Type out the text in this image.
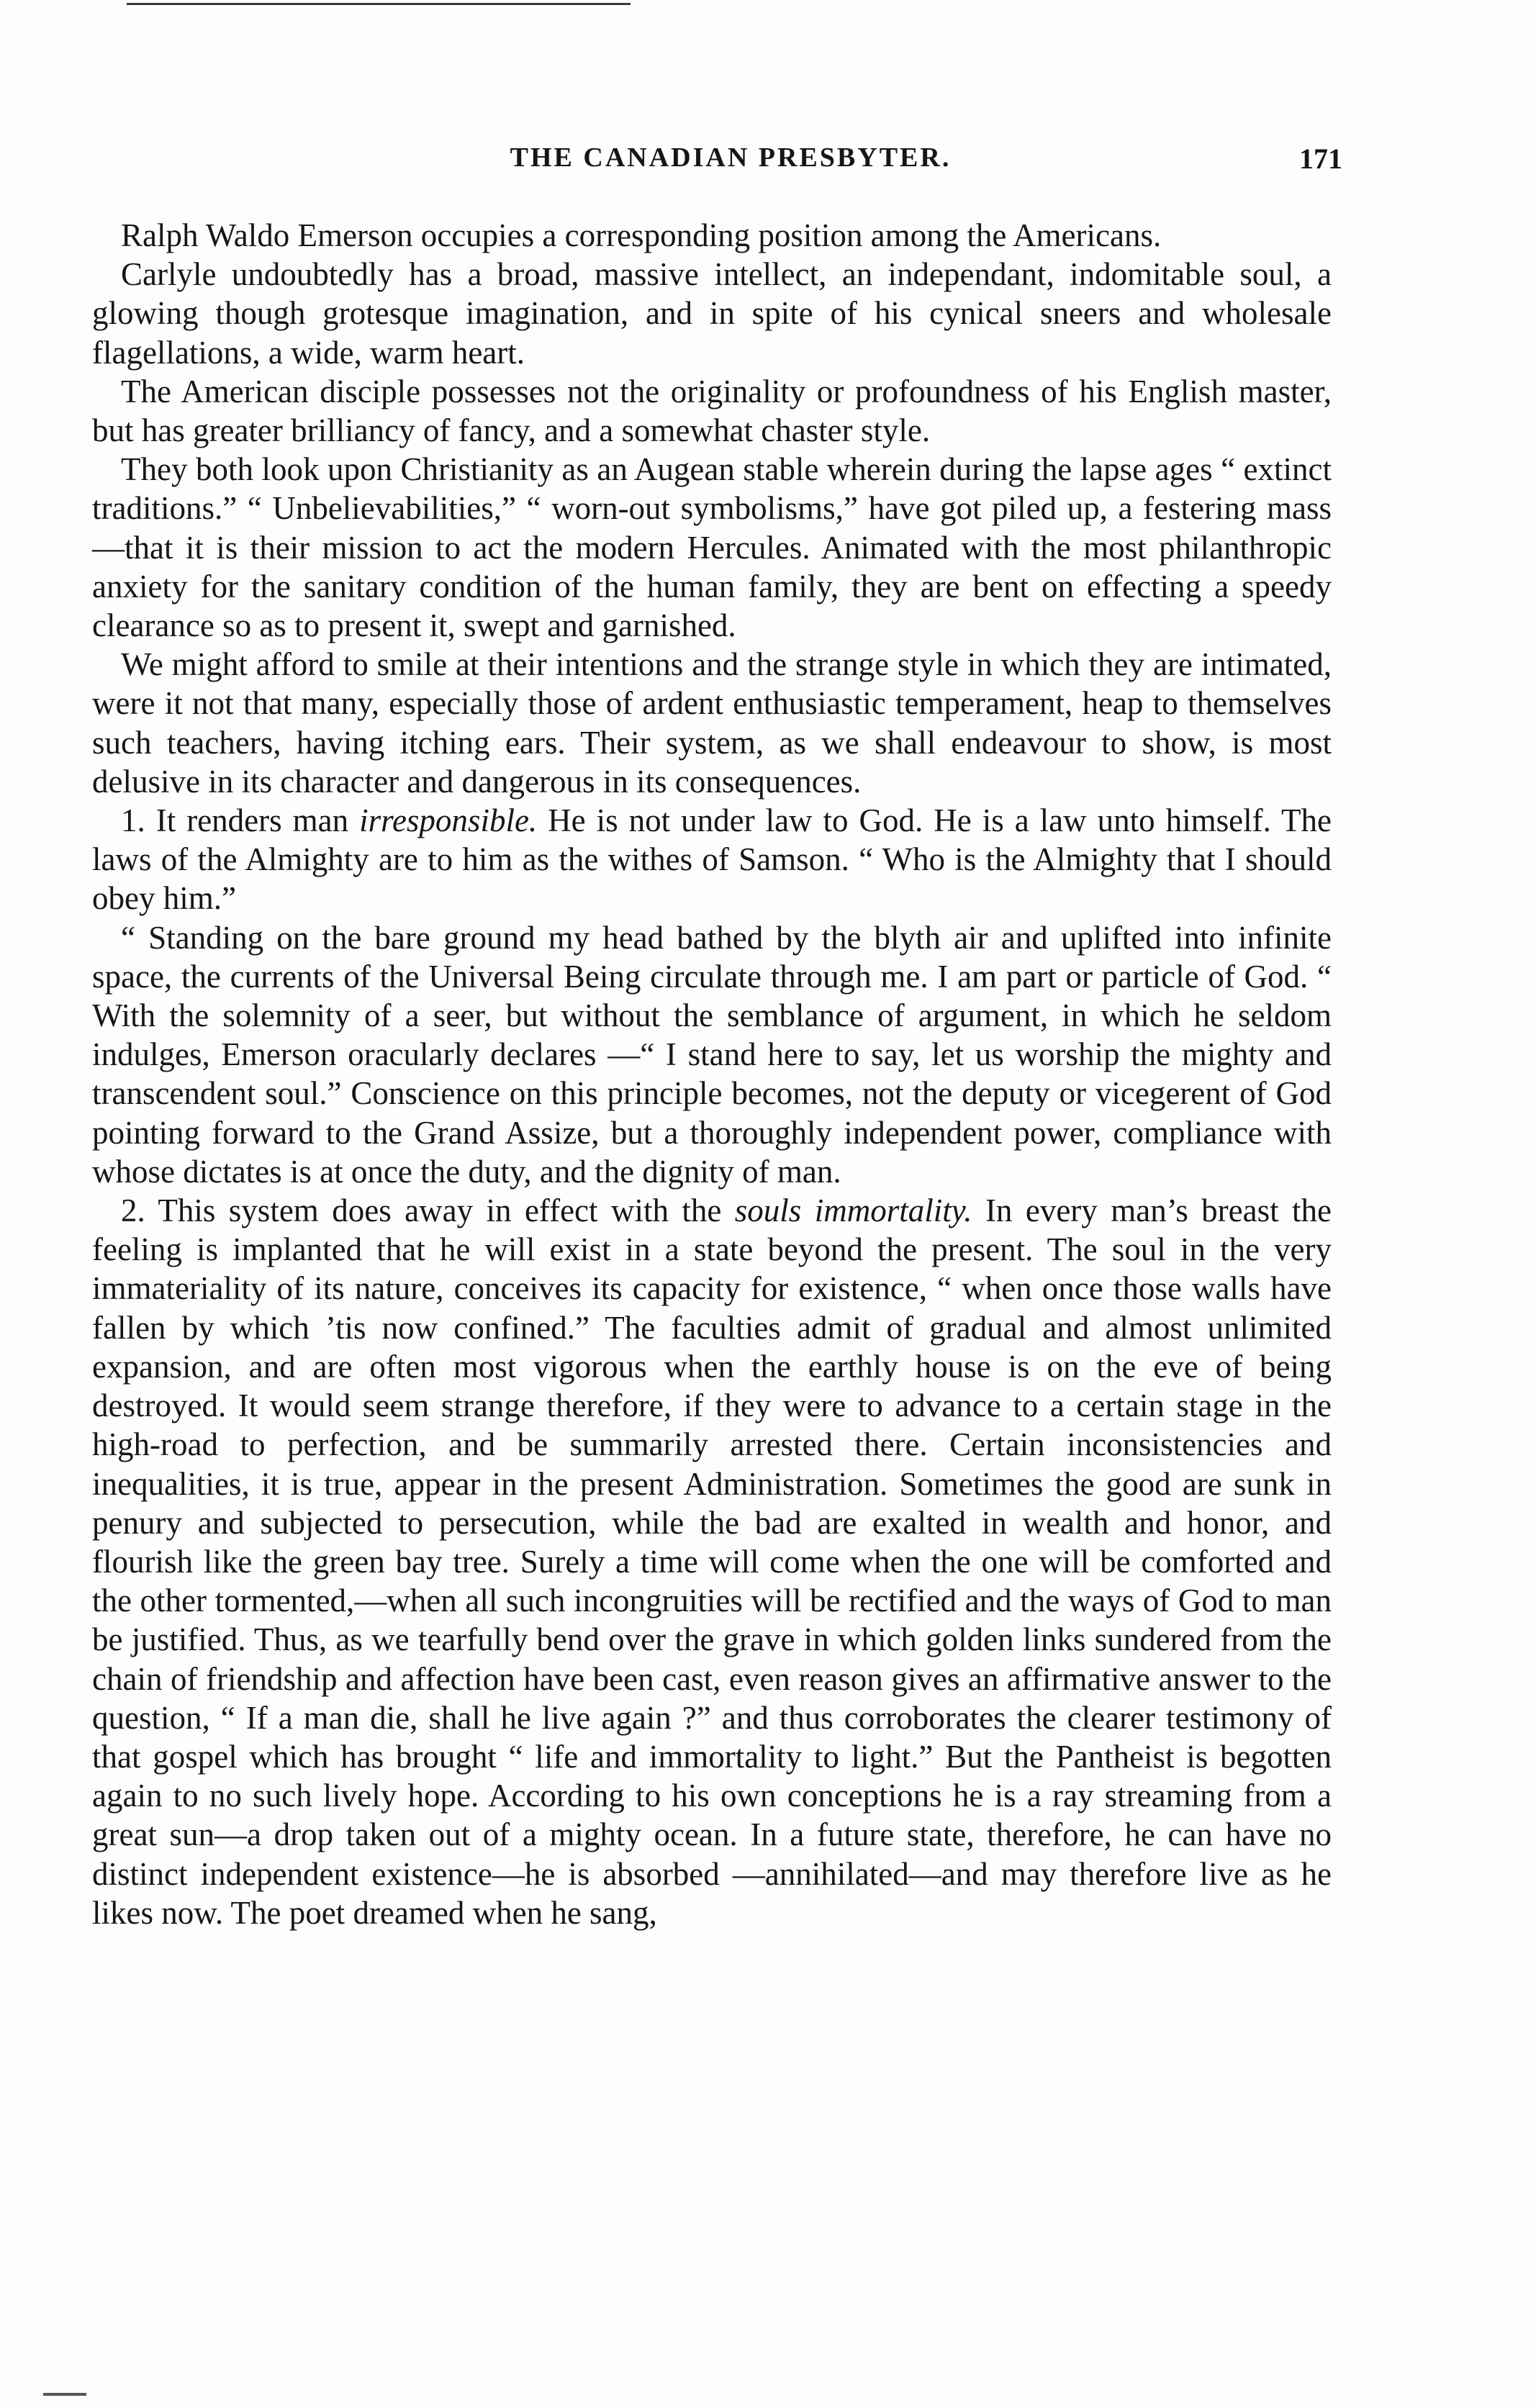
THE CANADIAN PRESBYTER.	171

Ralph Waldo Emerson occupies a corresponding position among the Americans.

Carlyle undoubtedly has a broad, massive intellect, an independant, indomitable soul, a glowing though grotesque imagination, and in spite of his cynical sneers and wholesale flagellations, a wide, warm heart.

The American disciple possesses not the originality or profoundness of his English master, but has greater brilliancy of fancy, and a somewhat chaster style.

They both look upon Christianity as an Augean stable wherein during the lapse ages “ extinct traditions.” “ Unbelievabilities,” “ worn-out symbolisms,” have got piled up, a festering mass—that it is their mission to act the modern Hercules. Animated with the most philanthropic anxiety for the sanitary condition of the human family, they are bent on effecting a speedy clearance so as to present it, swept and garnished.

We might afford to smile at their intentions and the strange style in which they are intimated, were it not that many, especially those of ardent enthusiastic temperament, heap to themselves such teachers, having itching ears. Their system, as we shall endeavour to show, is most delusive in its character and dangerous in its consequences.

1. It renders man irresponsible. He is not under law to God. He is a law unto himself. The laws of the Almighty are to him as the withes of Samson. “ Who is the Almighty that I should obey him.”

“ Standing on the bare ground my head bathed by the blyth air and uplifted into infinite space, the currents of the Universal Being circulate through me. I am part or particle of God. “ With the solemnity of a seer, but without the semblance of argument, in which he seldom indulges, Emerson oracularly declares —“ I stand here to say, let us worship the mighty and transcendent soul.” Conscience on this principle becomes, not the deputy or vicegerent of God pointing forward to the Grand Assize, but a thoroughly independent power, compliance with whose dictates is at once the duty, and the dignity of man.

2. This system does away in effect with the souls immortality. In every man’s breast the feeling is implanted that he will exist in a state beyond the present. The soul in the very immateriality of its nature, conceives its capacity for existence, “ when once those walls have fallen by which ’tis now confined.” The faculties admit of gradual and almost unlimited expansion, and are often most vigorous when the earthly house is on the eve of being destroyed. It would seem strange therefore, if they were to advance to a certain stage in the high-road to perfection, and be summarily arrested there. Certain inconsistencies and inequalities, it is true, appear in the present Administration. Sometimes the good are sunk in penury and subjected to persecution, while the bad are exalted in wealth and honor, and flourish like the green bay tree. Surely a time will come when the one will be comforted and the other tormented,—when all such incongruities will be rectified and the ways of God to man be justified. Thus, as we tearfully bend over the grave in which golden links sundered from the chain of friendship and affection have been cast, even reason gives an affirmative answer to the question, “ If a man die, shall he live again ?” and thus corroborates the clearer testimony of that gospel which has brought “ life and immortality to light.” But the Pantheist is begotten again to no such lively hope. According to his own conceptions he is a ray streaming from a great sun—a drop taken out of a mighty ocean. In a future state, therefore, he can have no distinct independent existence—he is absorbed —annihilated—and may therefore live as he likes now. The poet dreamed when he sang,
